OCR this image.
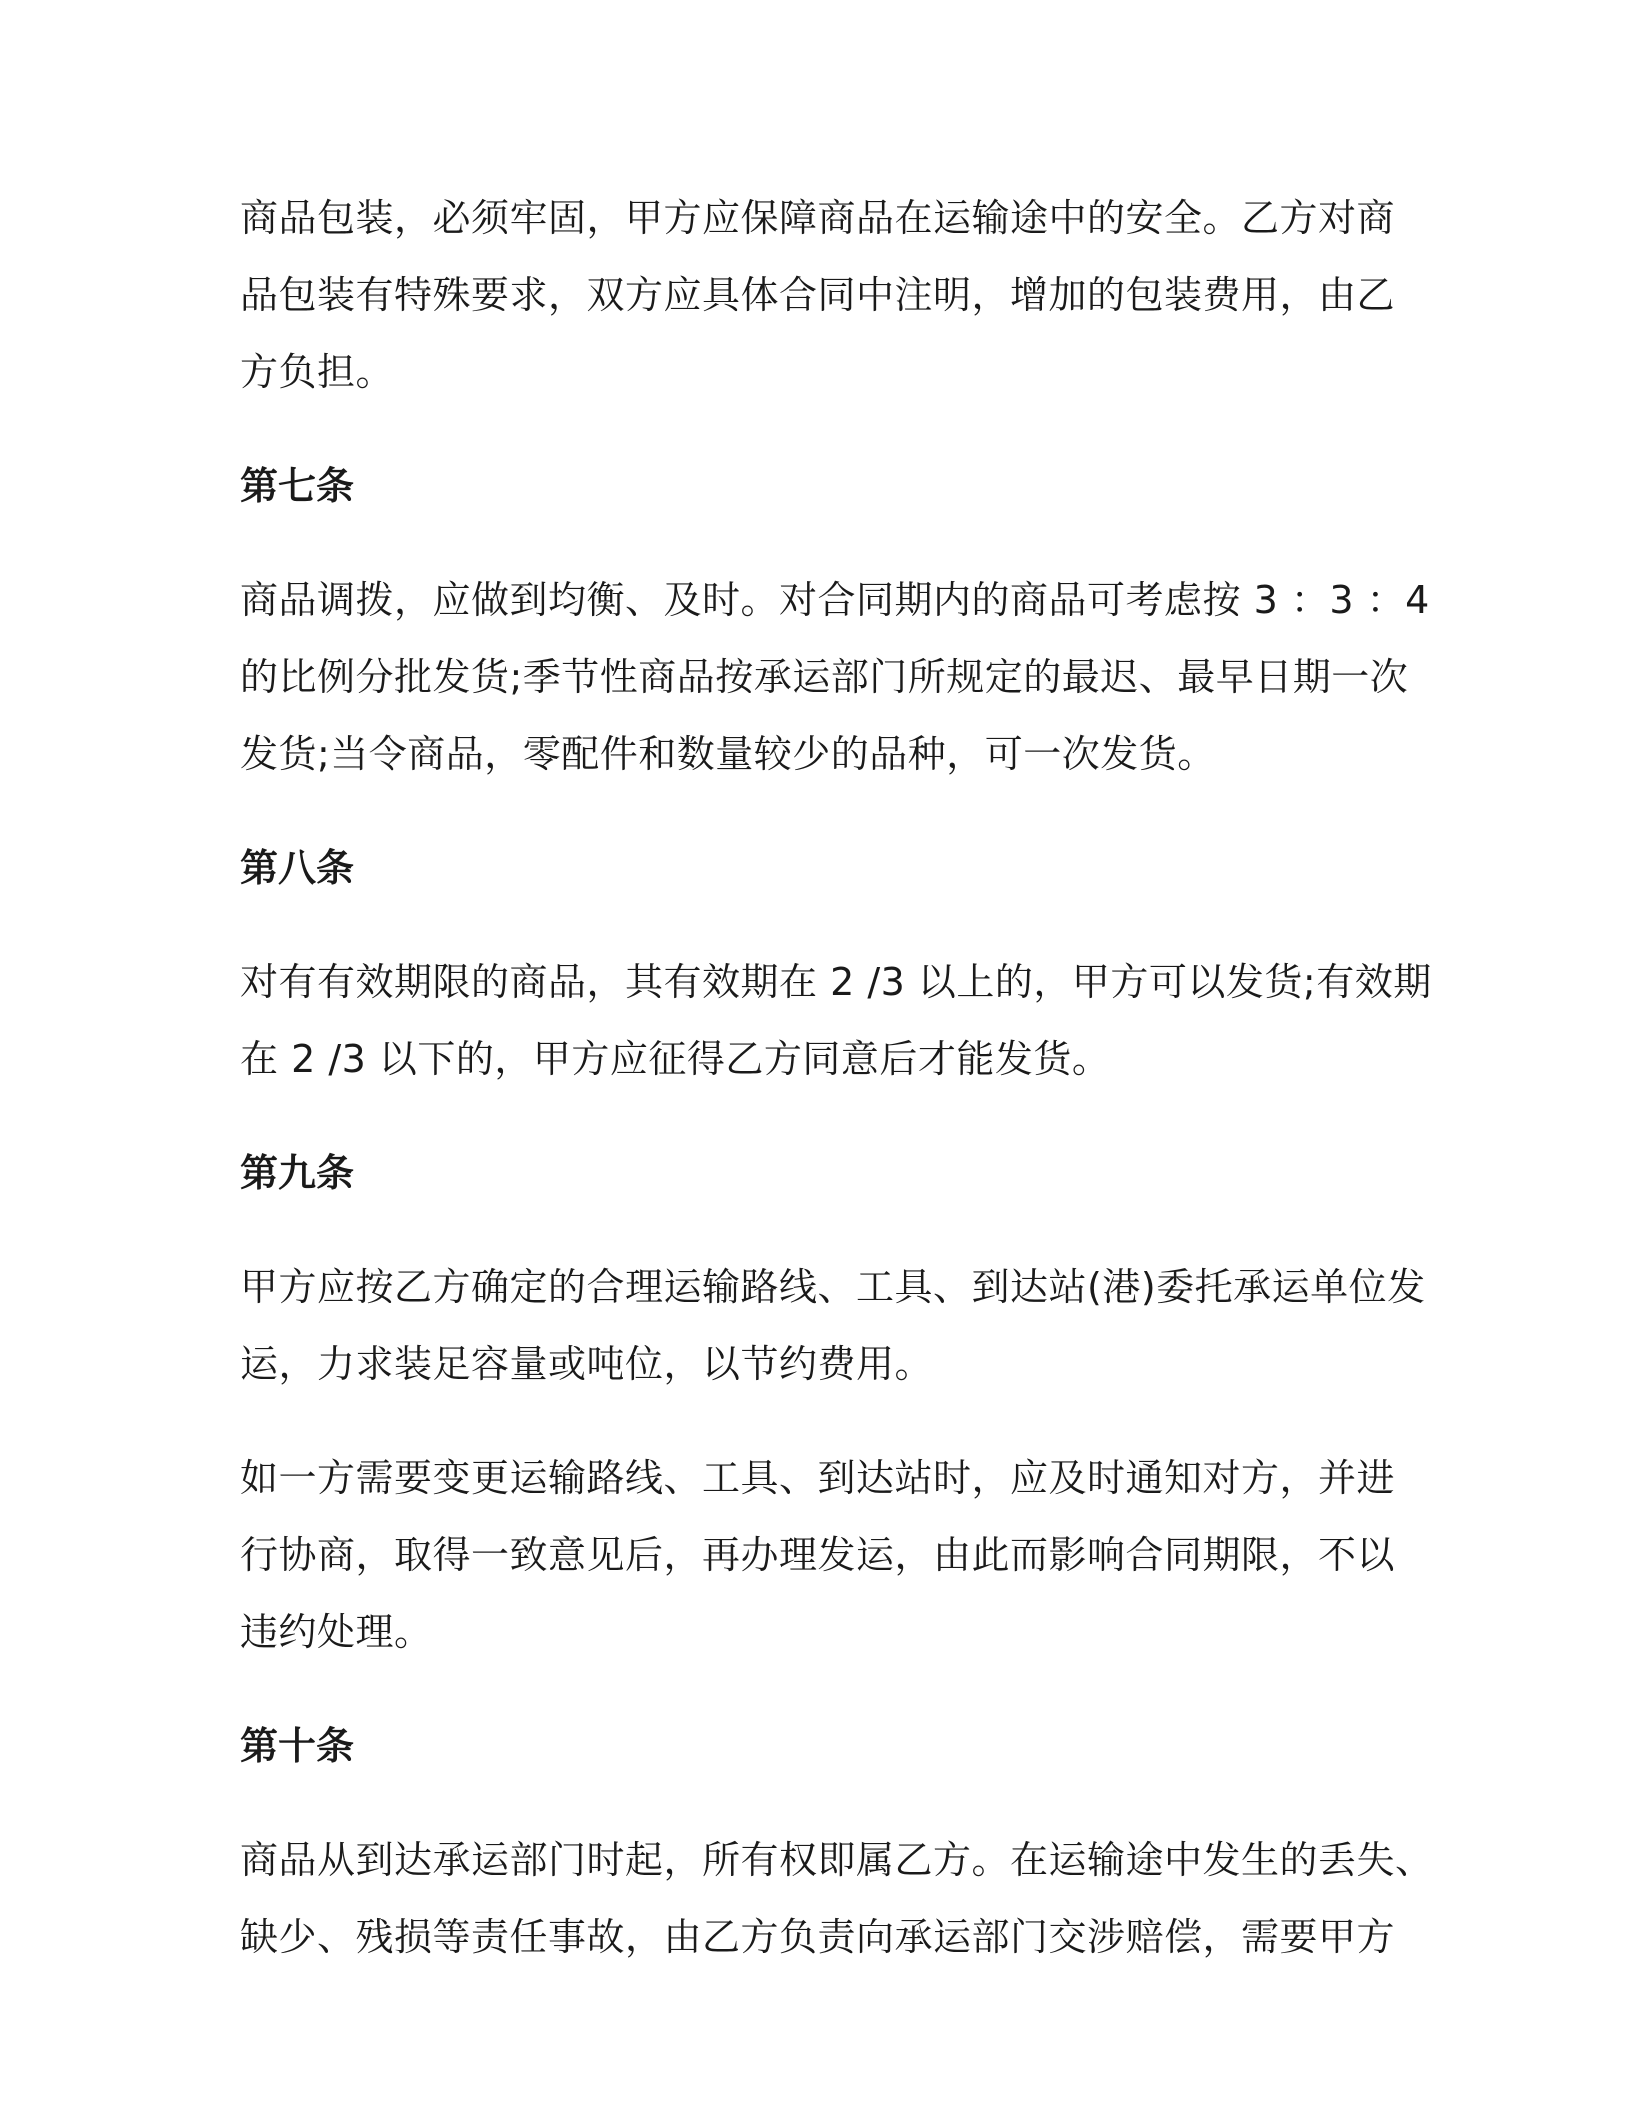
商品包装，必须牢固，甲方应保障商品在运输途中的安全。乙方对商
品包装有特殊要求，双方应具体合同中注明，增加的包装费用，由乙
方负担。

第七条

商品调拨，应做到均衡、及时。对合同期内的商品可考虑按 3 ：3 ：4
的比例分批发货;季节性商品按承运部门所规定的最迟、最早日期一次
发货;当令商品，零配件和数量较少的品种，可一次发货。

第八条

对有有效期限的商品，其有效期在 2 /3 以上的，甲方可以发货;有效期
在 2 /3 以下的，甲方应征得乙方同意后才能发货。

第九条

甲方应按乙方确定的合理运输路线、工具、到达站(港)委托承运单位发
运，力求装足容量或吨位，以节约费用。

如一方需要变更运输路线、工具、到达站时，应及时通知对方，并进
行协商，取得一致意见后，再办理发运，由此而影响合同期限，不以
违约处理。

第十条

商品从到达承运部门时起，所有权即属乙方。在运输途中发生的丢失、
缺少、残损等责任事故，由乙方负责向承运部门交涉赔偿，需要甲方
